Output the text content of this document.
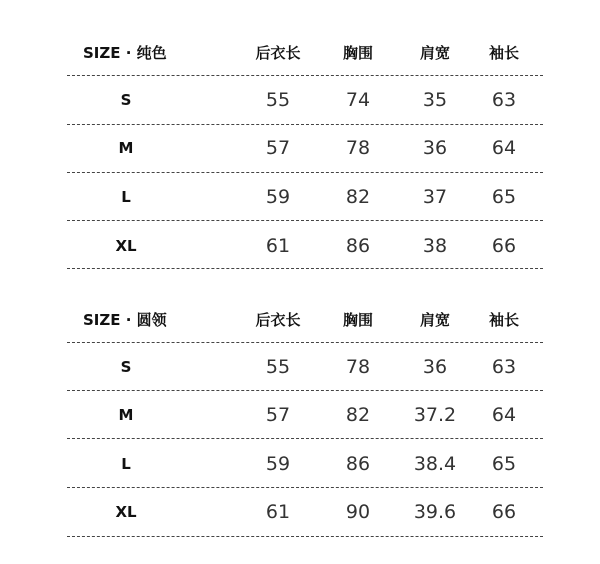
SIZE · 纯色	后衣长	胸围	肩宽	袖长
S	55	74	35	63
M	57	78	36	64
L	59	82	37	65
XL	61	86	38	66
SIZE · 圆领	后衣长	胸围	肩宽	袖长
S	55	78	36	63
M	57	82	37.2	64
L	59	86	38.4	65
XL	61	90	39.6	66
